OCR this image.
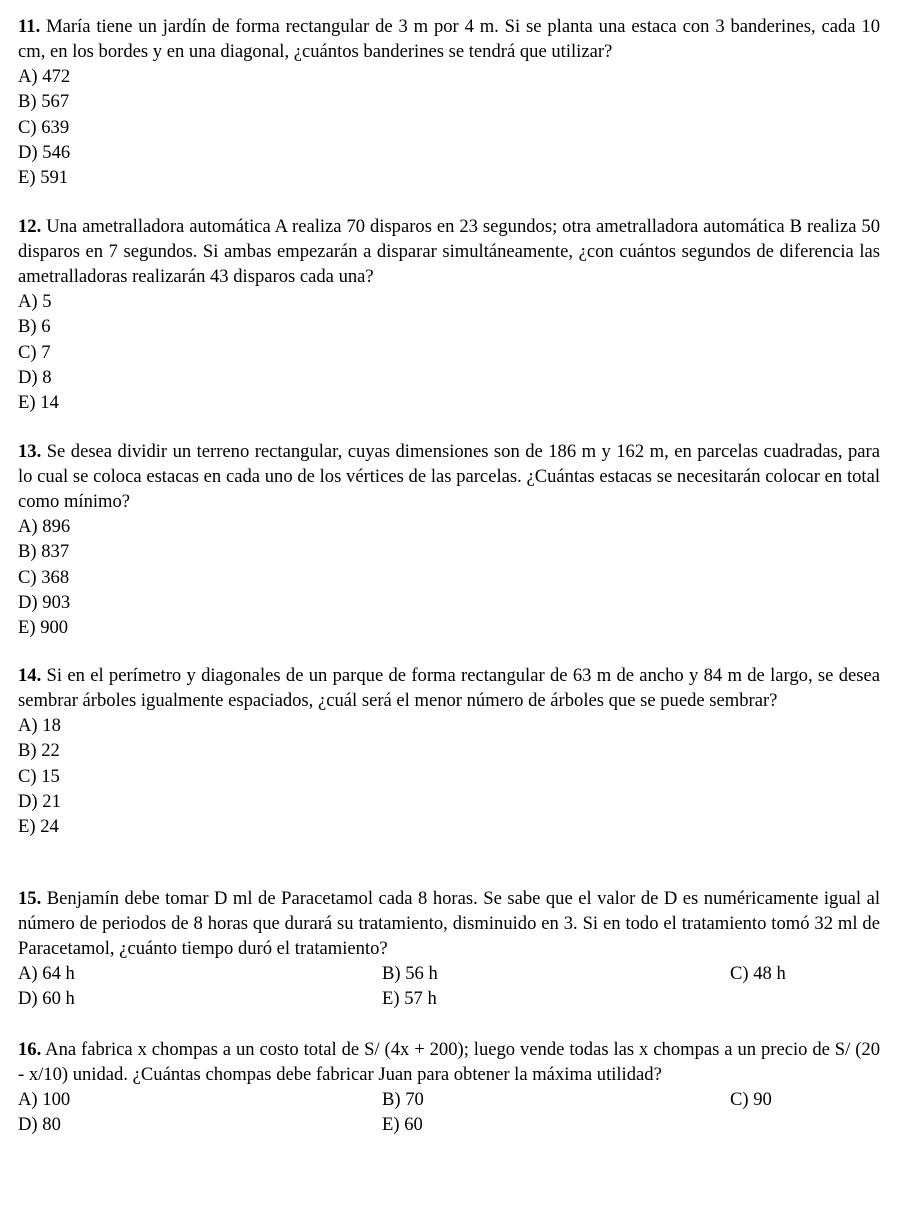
11. María tiene un jardín de forma rectangular de 3 m por 4 m. Si se planta una estaca con 3 banderines, cada 10 cm, en los bordes y en una diagonal, ¿cuántos banderines se tendrá que utilizar?
A) 472
B) 567
C) 639
D) 546
E) 591
12. Una ametralladora automática A realiza 70 disparos en 23 segundos; otra ametralladora automática B realiza 50 disparos en 7 segundos. Si ambas empezarán a disparar simultáneamente, ¿con cuántos segundos de diferencia las ametralladoras realizarán 43 disparos cada una?
A) 5
B) 6
C) 7
D) 8
E) 14
13. Se desea dividir un terreno rectangular, cuyas dimensiones son de 186 m y 162 m, en parcelas cuadradas, para lo cual se coloca estacas en cada uno de los vértices de las parcelas. ¿Cuántas estacas se necesitarán colocar en total como mínimo?
A) 896
B) 837
C) 368
D) 903
E) 900
14. Si en el perímetro y diagonales de un parque de forma rectangular de 63 m de ancho y 84 m de largo, se desea sembrar árboles igualmente espaciados, ¿cuál será el menor número de árboles que se puede sembrar?
A) 18
B) 22
C) 15
D) 21
E) 24
15. Benjamín debe tomar D ml de Paracetamol cada 8 horas. Se sabe que el valor de D es numéricamente igual al número de periodos de 8 horas que durará su tratamiento, disminuido en 3. Si en todo el tratamiento tomó 32 ml de Paracetamol, ¿cuánto tiempo duró el tratamiento?
A) 64 h	B) 56 h	C) 48 h
D) 60 h	E) 57 h
16. Ana fabrica x chompas a un costo total de S/ (4x + 200); luego vende todas las x chompas a un precio de S/ (20 - x/10) unidad. ¿Cuántas chompas debe fabricar Juan para obtener la máxima utilidad?
A) 100	B) 70	C) 90
D) 80	E) 60
